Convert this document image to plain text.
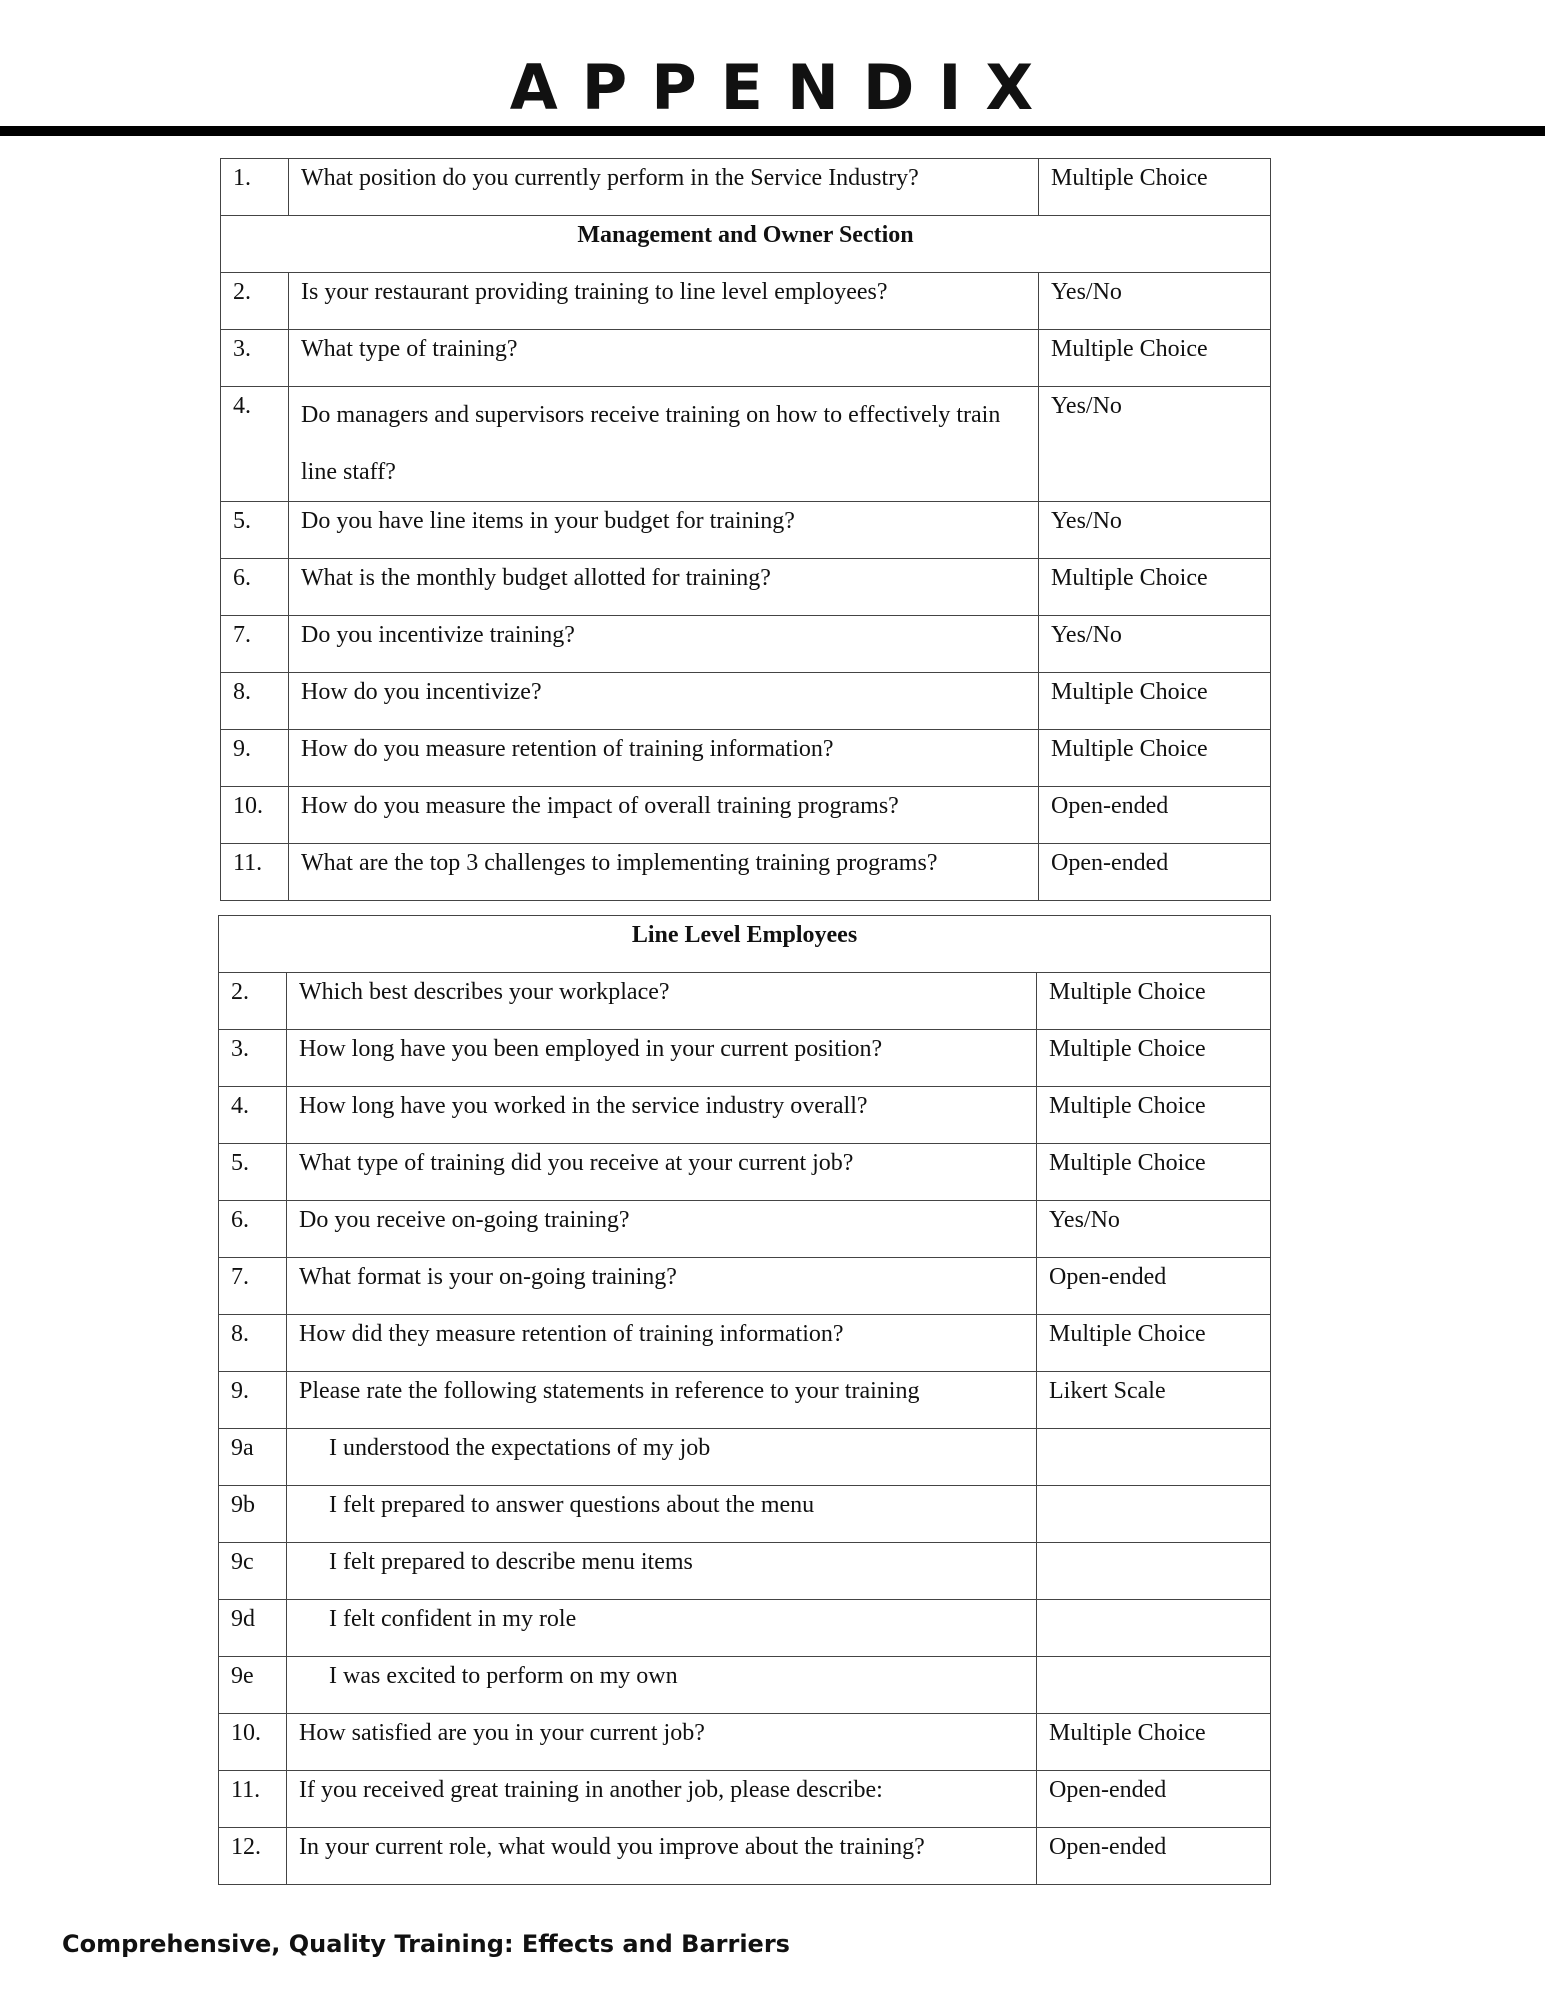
APPENDIX
1.	What position do you currently perform in the Service Industry?	Multiple Choice
Management and Owner Section		
2.	Is your restaurant providing training to line level employees?	Yes/No
3.	What type of training?	Multiple Choice
4.	Do managers and supervisors receive training on how to effectively train line staff?	Yes/No
5.	Do you have line items in your budget for training?	Yes/No
6.	What is the monthly budget allotted for training?	Multiple Choice
7.	Do you incentivize training?	Yes/No
8.	How do you incentivize?	Multiple Choice
9.	How do you measure retention of training information?	Multiple Choice
10.	How do you measure the impact of overall training programs?	Open-ended
11.	What are the top 3 challenges to implementing training programs?	Open-ended
Line Level Employees		
2.	Which best describes your workplace?	Multiple Choice
3.	How long have you been employed in your current position?	Multiple Choice
4.	How long have you worked in the service industry overall?	Multiple Choice
5.	What type of training did you receive at your current job?	Multiple Choice
6.	Do you receive on-going training?	Yes/No
7.	What format is your on-going training?	Open-ended
8.	How did they measure retention of training information?	Multiple Choice
9.	Please rate the following statements in reference to your training	Likert Scale
9a	I understood the expectations of my job	
9b	I felt prepared to answer questions about the menu	
9c	I felt prepared to describe menu items	
9d	I felt confident in my role	
9e	I was excited to perform on my own	
10.	How satisfied are you in your current job?	Multiple Choice
11.	If you received great training in another job, please describe:	Open-ended
12.	In your current role, what would you improve about the training?	Open-ended
Comprehensive, Quality Training: Effects and Barriers
